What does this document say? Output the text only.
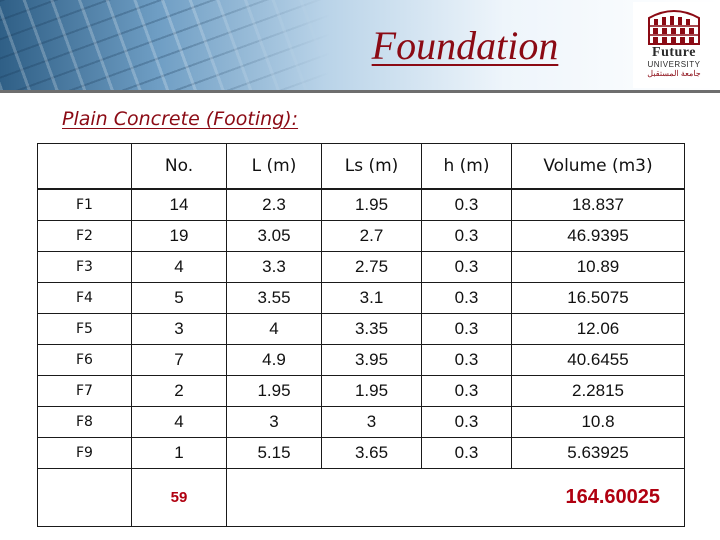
Foundation	Future
UNIVERSITY
جامعة المستقبل
Plain Concrete (Footing):
	No.	L (m)	Ls (m)	h (m)	Volume (m3)
F1	14	2.3	1.95	0.3	18.837
F2	19	3.05	2.7	0.3	46.9395
F3	4	3.3	2.75	0.3	10.89
F4	5	3.55	3.1	0.3	16.5075
F5	3	4	3.35	0.3	12.06
F6	7	4.9	3.95	0.3	40.6455
F7	2	1.95	1.95	0.3	2.2815
F8	4	3	3	0.3	10.8
F9	1	5.15	3.65	0.3	5.63925
	59	164.60025			
